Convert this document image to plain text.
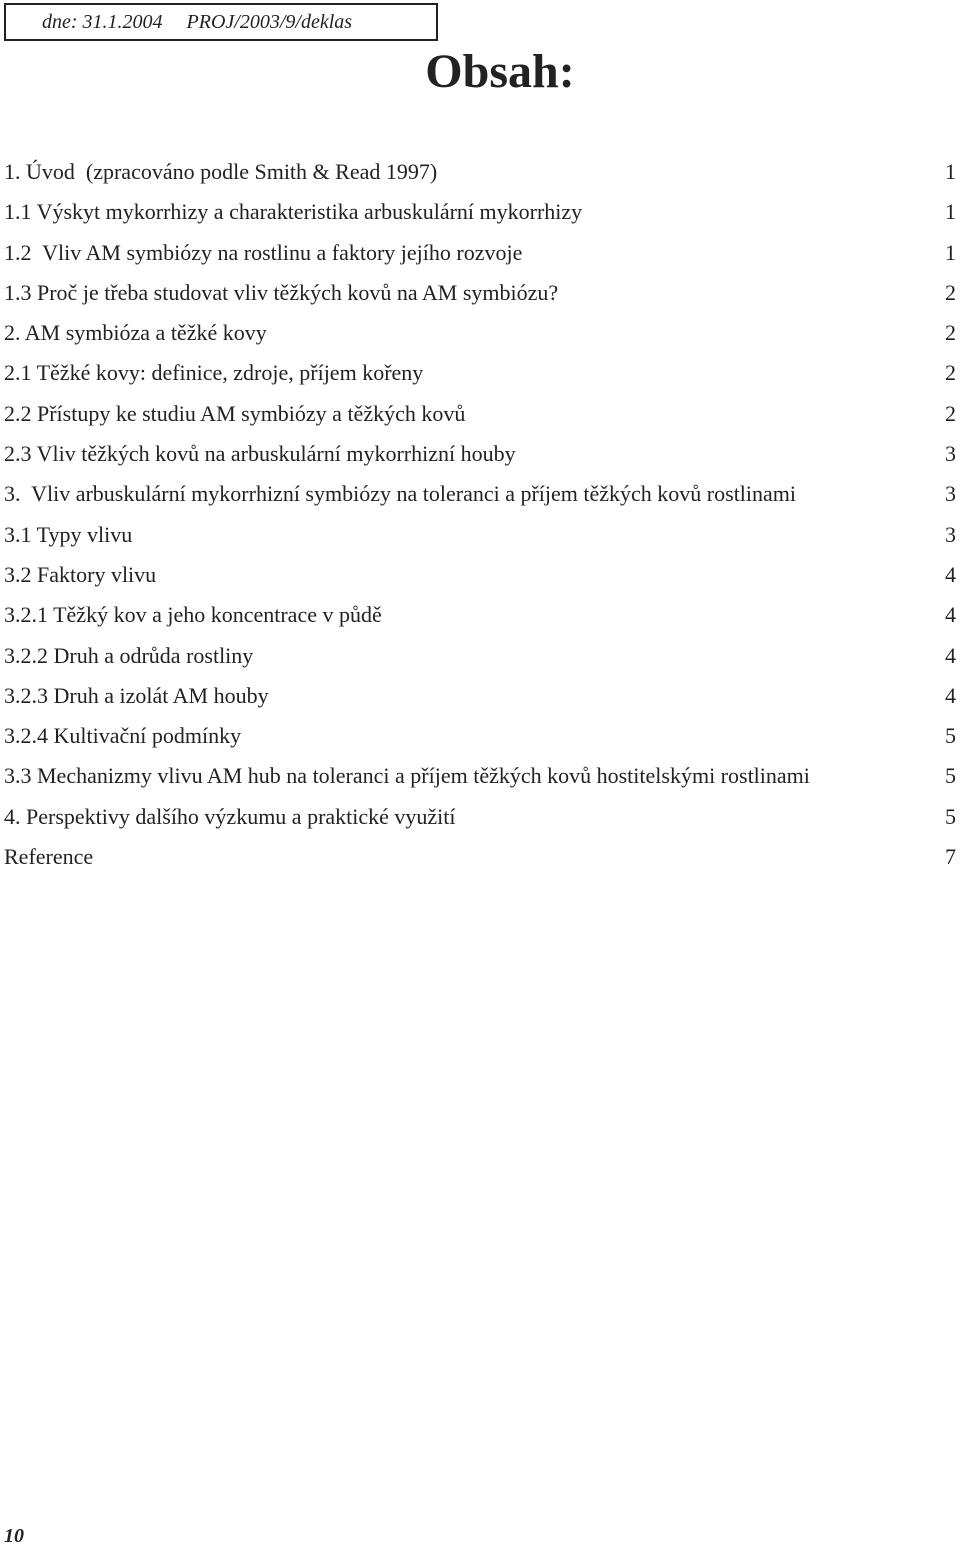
dne: 31.1.2004 PROJ/2003/9/deklas
Obsah:
1. Úvod  (zpracováno podle Smith & Read 1997)	1
1.1 Výskyt mykorrhizy a charakteristika arbuskulární mykorrhizy	1
1.2  Vliv AM symbiózy na rostlinu a faktory jejího rozvoje	1
1.3 Proč je třeba studovat vliv těžkých kovů na AM symbiózu?	2
2. AM symbióza a těžké kovy	2
2.1 Těžké kovy: definice, zdroje, příjem kořeny	2
2.2 Přístupy ke studiu AM symbiózy a těžkých kovů	2
2.3 Vliv těžkých kovů na arbuskulární mykorrhizní houby	3
3.  Vliv arbuskulární mykorrhizní symbiózy na toleranci a příjem těžkých kovů rostlinami	3
3.1 Typy vlivu	3
3.2 Faktory vlivu	4
3.2.1 Těžký kov a jeho koncentrace v půdě	4
3.2.2 Druh a odrůda rostliny	4
3.2.3 Druh a izolát AM houby	4
3.2.4 Kultivační podmínky	5
3.3 Mechanizmy vlivu AM hub na toleranci a příjem těžkých kovů hostitelskými rostlinami	5
4. Perspektivy dalšího výzkumu a praktické využití	5
Reference	7
10
